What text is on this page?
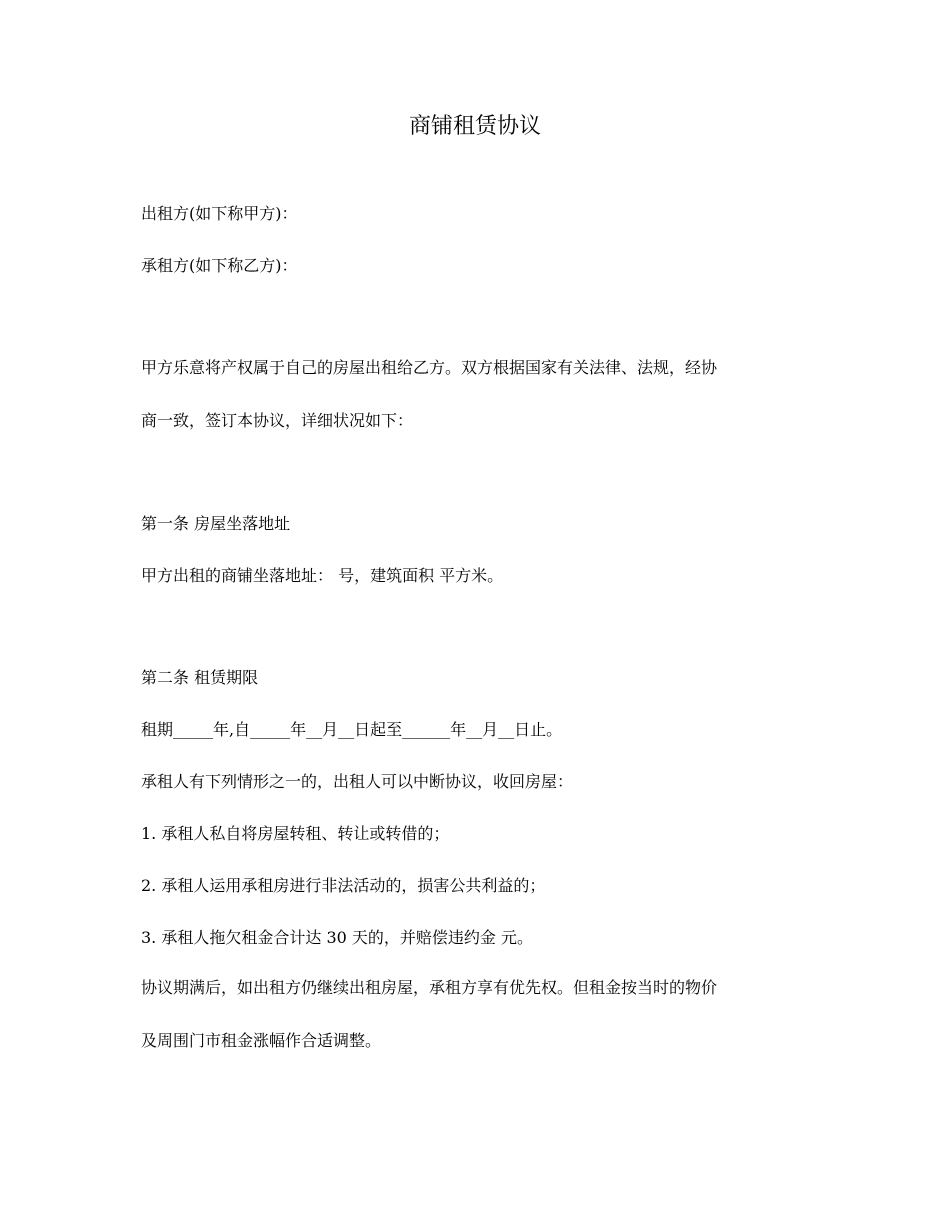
商铺租赁协议
出租方(如下称甲方)：
承租方(如下称乙方)：
甲方乐意将产权属于自己的房屋出租给乙方。双方根据国家有关法律、法规，经协
商一致，签订本协议，详细状况如下：
第一条 房屋坐落地址
甲方出租的商铺坐落地址： 号，建筑面积 平方米。
第二条 租赁期限
租期_____年,自_____年__月__日起至______年__月__日止。
承租人有下列情形之一的，出租人可以中断协议，收回房屋：
1. 承租人私自将房屋转租、转让或转借的；
2. 承租人运用承租房进行非法活动的，损害公共利益的；
3. 承租人拖欠租金合计达 30 天的，并赔偿违约金 元。
协议期满后，如出租方仍继续出租房屋，承租方享有优先权。但租金按当时的物价
及周围门市租金涨幅作合适调整。
